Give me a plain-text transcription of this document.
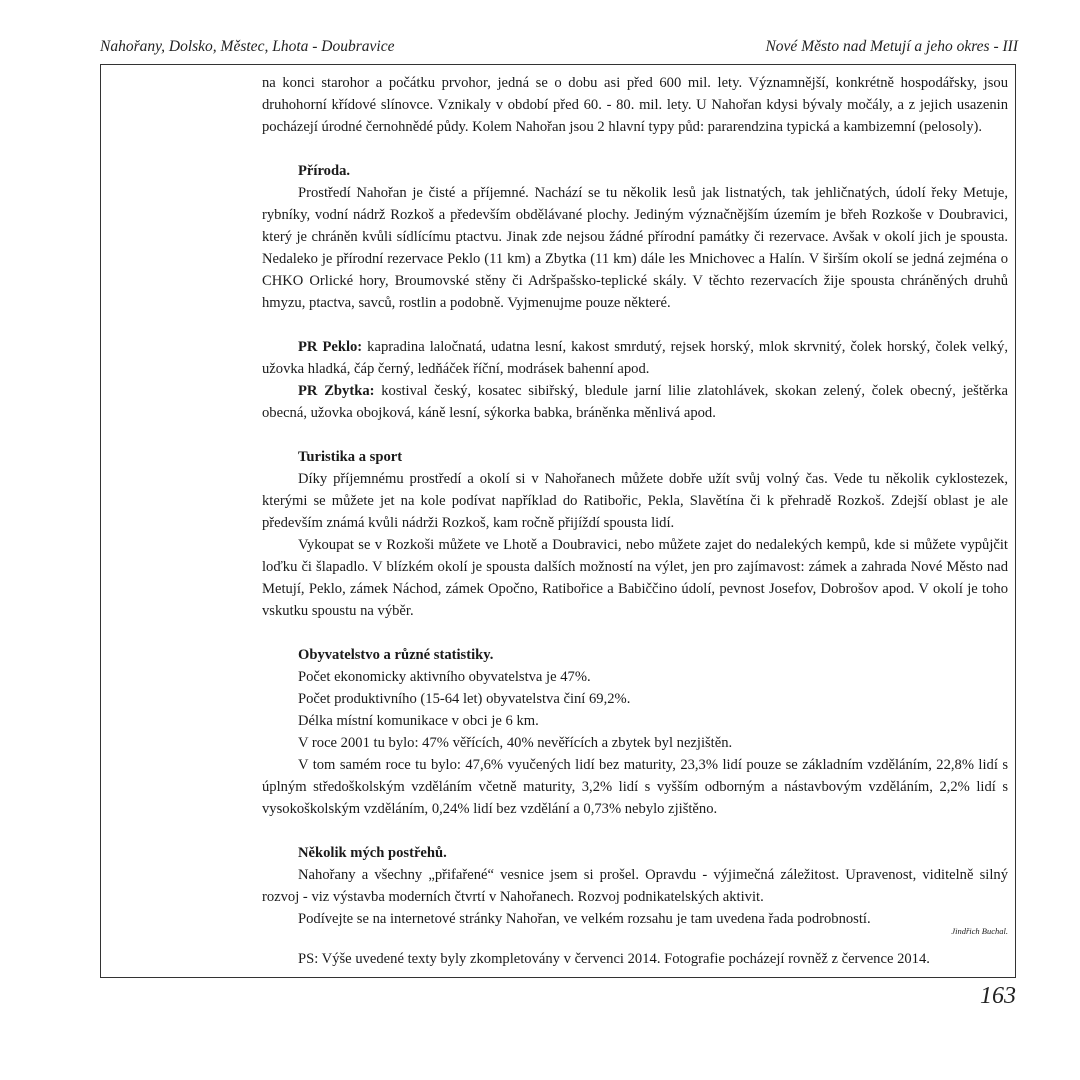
Nahořany, Dolsko, Městec, Lhota - Doubravice	Nové Město nad Metují a jeho okres - III

na konci starohor a počátku prvohor, jedná se o dobu asi před 600 mil. lety. Významnější, konkrétně hospodářsky, jsou druhohorní křídové slínovce. Vznikaly v období před 60. - 80. mil. lety. U Nahořan kdysi bývaly močály, a z jejich usazenin pocházejí úrodné černohnědé půdy. Kolem Nahořan jsou 2 hlavní typy půd: pararendzina typická a kambizemní (pelosoly).

Příroda.

Prostředí Nahořan je čisté a příjemné. Nachází se tu několik lesů jak listnatých, tak jehličnatých, údolí řeky Metuje, rybníky, vodní nádrž Rozkoš a především obdělávané plochy. Jediným význačnějším územím je břeh Rozkoše v Doubravici, který je chráněn kvůli sídlícímu ptactvu. Jinak zde nejsou žádné přírodní památky či rezervace. Avšak v okolí jich je spousta. Nedaleko je přírodní rezervace Peklo (11 km) a Zbytka (11 km) dále les Mnichovec a Halín. V širším okolí se jedná zejména o CHKO Orlické hory, Broumovské stěny či Adršpašsko-teplické skály. V těchto rezervacích žije spousta chráněných druhů hmyzu, ptactva, savců, rostlin a podobně. Vyjmenujme pouze některé.

PR Peklo: kapradina laločnatá, udatna lesní, kakost smrdutý, rejsek horský, mlok skrvnitý, čolek horský, čolek velký, užovka hladká, čáp černý, ledňáček říční, modrásek bahenní apod.

PR Zbytka: kostival český, kosatec sibiřský, bledule jarní lilie zlatohlávek, skokan zelený, čolek obecný, ještěrka obecná, užovka obojková, káně lesní, sýkorka babka, bráněnka měnlivá apod.

Turistika a sport

Díky příjemnému prostředí a okolí si v Nahořanech můžete dobře užít svůj volný čas. Vede tu několik cyklostezek, kterými se můžete jet na kole podívat například do Ratibořic, Pekla, Slavětína či k přehradě Rozkoš. Zdejší oblast je ale především známá kvůli nádrži Rozkoš, kam ročně přijíždí spousta lidí.

Vykoupat se v Rozkoši můžete ve Lhotě a Doubravici, nebo můžete zajet do nedalekých kempů, kde si můžete vypůjčit loďku či šlapadlo. V blízkém okolí je spousta dalších možností na výlet, jen pro zajímavost: zámek a zahrada Nové Město nad Metují, Peklo, zámek Náchod, zámek Opočno, Ratibořice a Babiččino údolí, pevnost Josefov, Dobrošov apod. V okolí je toho vskutku spoustu na výběr.

Obyvatelstvo a různé statistiky.

Počet ekonomicky aktivního obyvatelstva je 47%.

Počet produktivního (15-64 let) obyvatelstva činí 69,2%.

Délka místní komunikace v obci je 6 km.

V roce 2001 tu bylo: 47% věřících, 40% nevěřících a zbytek byl nezjištěn.

V tom samém roce tu bylo: 47,6% vyučených lidí bez maturity, 23,3% lidí pouze se základním vzděláním, 22,8% lidí s úplným středoškolským vzděláním včetně maturity, 3,2% lidí s vyšším odborným a nástavbovým vzděláním, 2,2% lidí s vysokoškolským vzděláním, 0,24% lidí bez vzdělání a 0,73% nebylo zjištěno.

Několik mých postřehů.

Nahořany a všechny „přifařené“ vesnice jsem si prošel. Opravdu - výjimečná záležitost. Upravenost, viditelně silný rozvoj - viz výstavba moderních čtvrtí v Nahořanech. Rozvoj podnikatelských aktivit.

Podívejte se na internetové stránky Nahořan, ve velkém rozsahu je tam uvedena řada podrobností.

Jindřich Buchal.

PS: Výše uvedené texty byly zkompletovány v červenci 2014. Fotografie pocházejí rovněž z července 2014.

163
